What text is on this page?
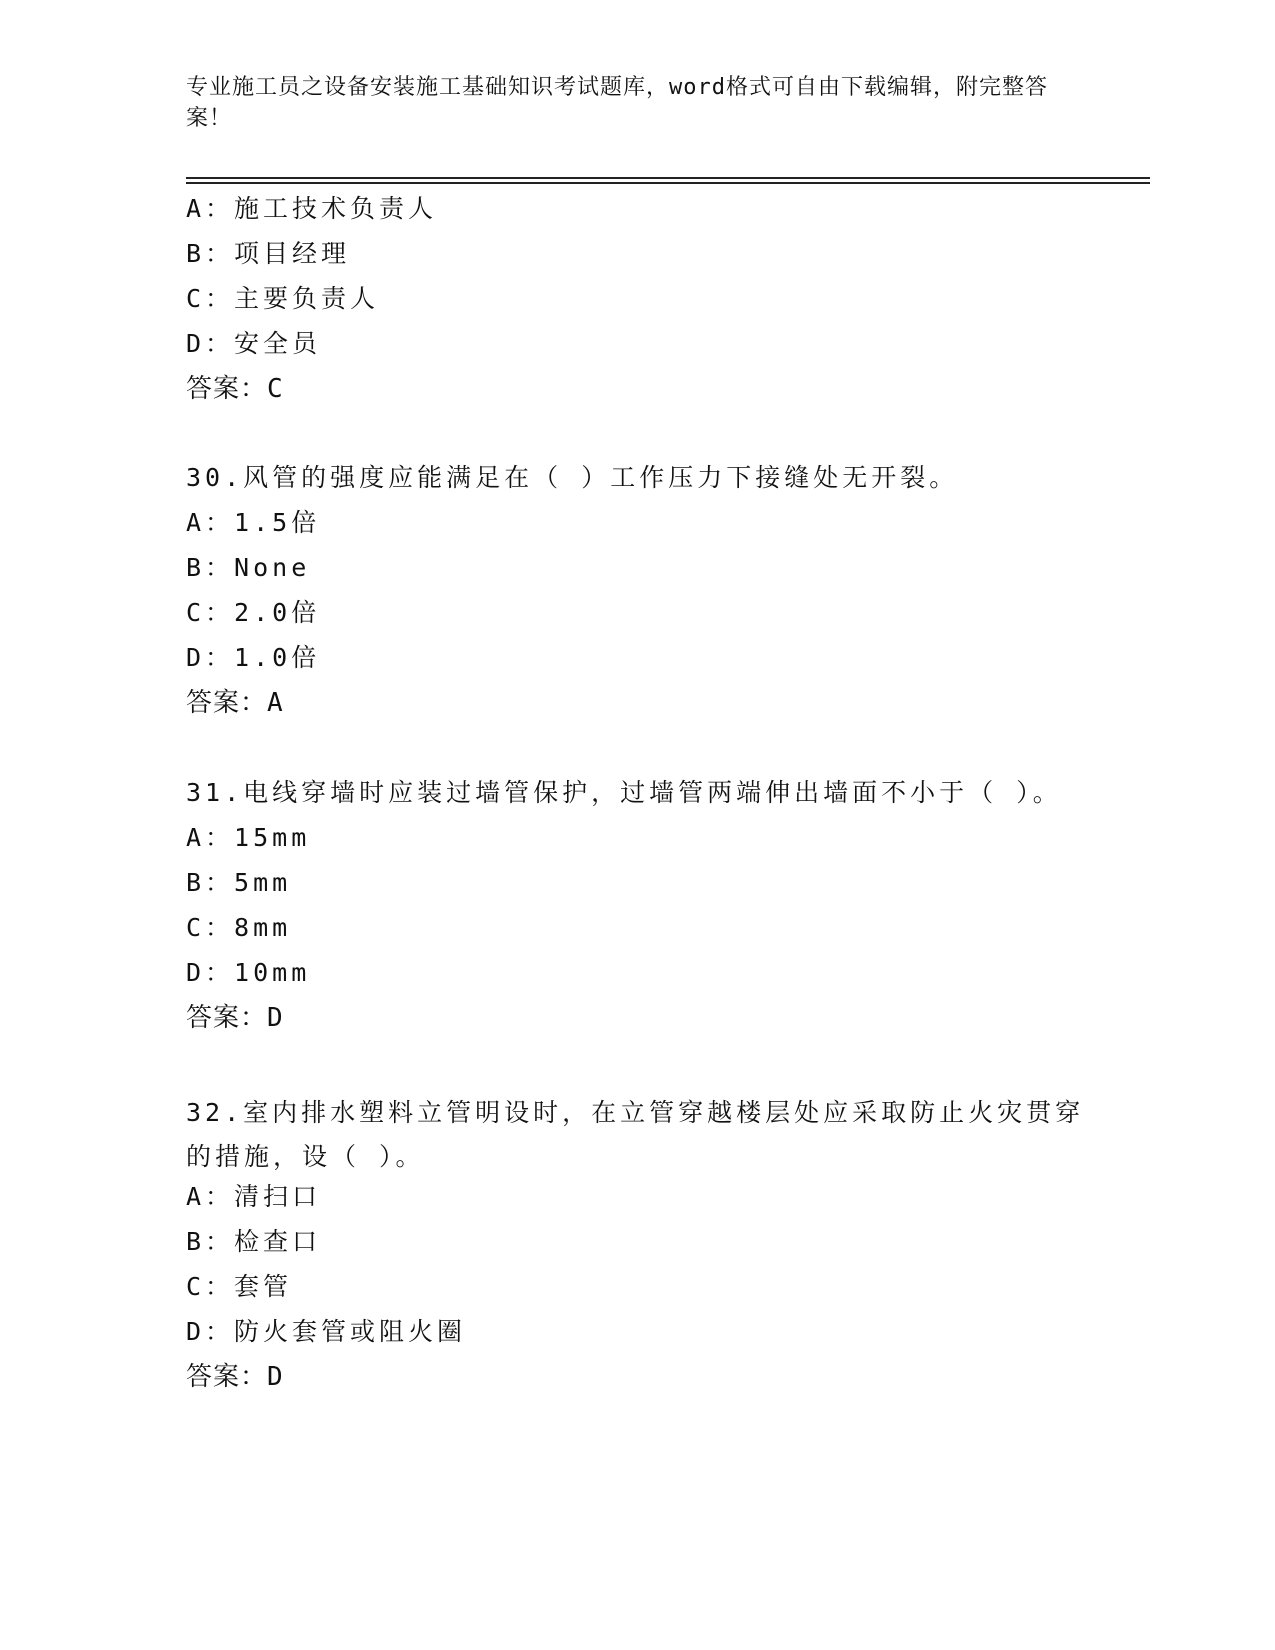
专业施工员之设备安装施工基础知识考试题库，word格式可自由下载编辑，附完整答案！
A：施工技术负责人
B：项目经理
C：主要负责人
D：安全员
答案：C
30.风管的强度应能满足在（ ）工作压力下接缝处无开裂。
A：1.5倍
B：None
C：2.0倍
D：1.0倍
答案：A
31.电线穿墙时应装过墙管保护，过墙管两端伸出墙面不小于（ ）。
A：15mm
B：5mm
C：8mm
D：10mm
答案：D
32.室内排水塑料立管明设时，在立管穿越楼层处应采取防止火灾贯穿的措施，设（ ）。
A：清扫口
B：检查口
C：套管
D：防火套管或阻火圈
答案：D
